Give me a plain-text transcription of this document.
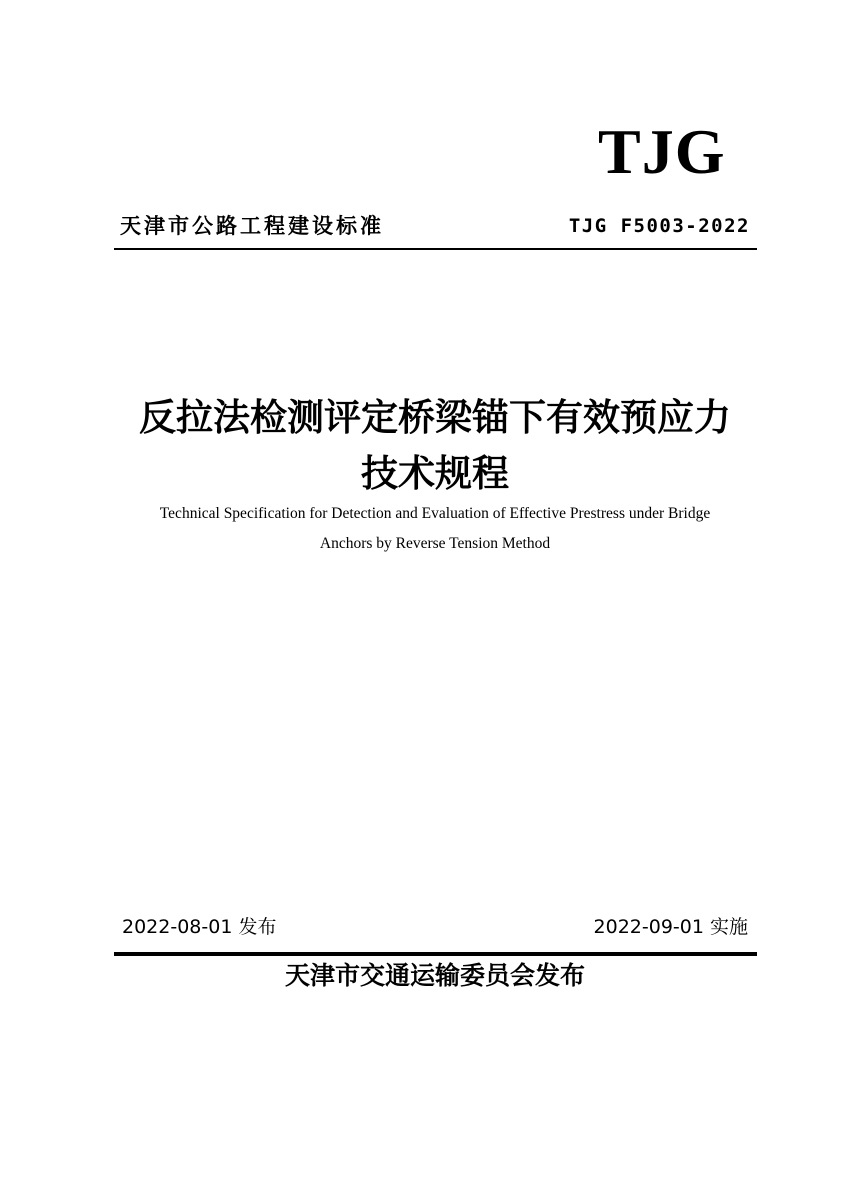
TJG
天津市公路工程建设标准	TJG F5003-2022
反拉法检测评定桥梁锚下有效预应力
技术规程
Technical Specification for Detection and Evaluation of Effective Prestress under Bridge
Anchors by Reverse Tension Method
2022-08-01 发布	2022-09-01 实施
天津市交通运输委员会发布
